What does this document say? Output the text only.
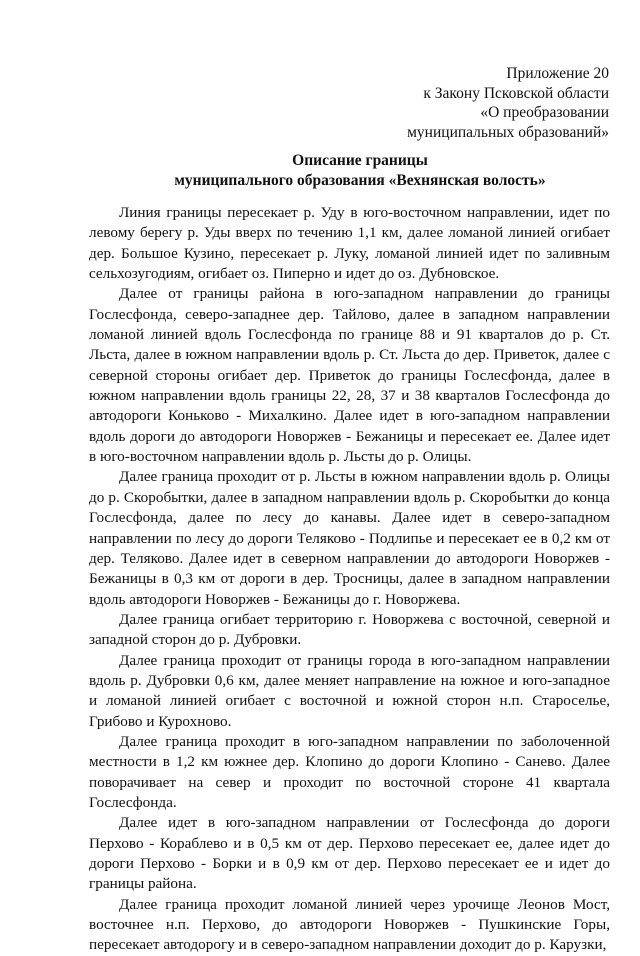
Приложение 20
к Закону Псковской области
«О преобразовании
муниципальных образований»
Описание границы
муниципального образования «Вехнянская волость»

Линия границы пересекает р. Уду в юго-восточном направлении, идет по левому берегу р. Уды вверх по течению 1,1 км, далее ломаной линией огибает дер. Большое Кузино, пересекает р. Луку, ломаной линией идет по заливным сельхозугодиям, огибает оз. Пиперно и идет до оз. Дубновское.

Далее от границы района в юго-западном направлении до границы Гослесфонда, северо-западнее дер. Тайлово, далее в западном направлении ломаной линией вдоль Гослесфонда по границе 88 и 91 кварталов до р. Ст. Льста, далее в южном направлении вдоль р. Ст. Льста до дер. Приветок, далее с северной стороны огибает дер. Приветок до границы Гослесфонда, далее в южном направлении вдоль границы 22, 28, 37 и 38 кварталов Гослесфонда до автодороги Коньково - Михалкино. Далее идет в юго-западном направлении вдоль дороги до автодороги Новоржев - Бежаницы и пересекает ее. Далее идет в юго-восточном направлении вдоль р. Льсты до р. Олицы.

Далее граница проходит от р. Льсты в южном направлении вдоль р. Олицы до р. Скоробытки, далее в западном направлении вдоль р. Скоробытки до конца Гослесфонда, далее по лесу до канавы. Далее идет в северо-западном направлении по лесу до дороги Теляково - Подлипье и пересекает ее в 0,2 км от дер. Теляково. Далее идет в северном направлении до автодороги Новоржев - Бежаницы в 0,3 км от дороги в дер. Тросницы, далее в западном направлении вдоль автодороги Новоржев - Бежаницы до г. Новоржева.

Далее граница огибает территорию г. Новоржева с восточной, северной и западной сторон до р. Дубровки.

Далее граница проходит от границы города в юго-западном направлении вдоль р. Дубровки 0,6 км, далее меняет направление на южное и юго-западное и ломаной линией огибает с восточной и южной сторон н.п. Староселье, Грибово и Курохново.

Далее граница проходит в юго-западном направлении по заболоченной местности в 1,2 км южнее дер. Клопино до дороги Клопино - Санево. Далее поворачивает на север и проходит по восточной стороне 41 квартала Гослесфонда.

Далее идет в юго-западном направлении от Гослесфонда до дороги Перхово - Кораблево и в 0,5 км от дер. Перхово пересекает ее, далее идет до дороги Перхово - Борки и в 0,9 км от дер. Перхово пересекает ее и идет до границы района.

Далее граница проходит ломаной линией через урочище Леонов Мост, восточнее н.п. Перхово, до автодороги Новоржев - Пушкинские Горы, пересекает автодорогу и в северо-западном направлении доходит до р. Карузки,
